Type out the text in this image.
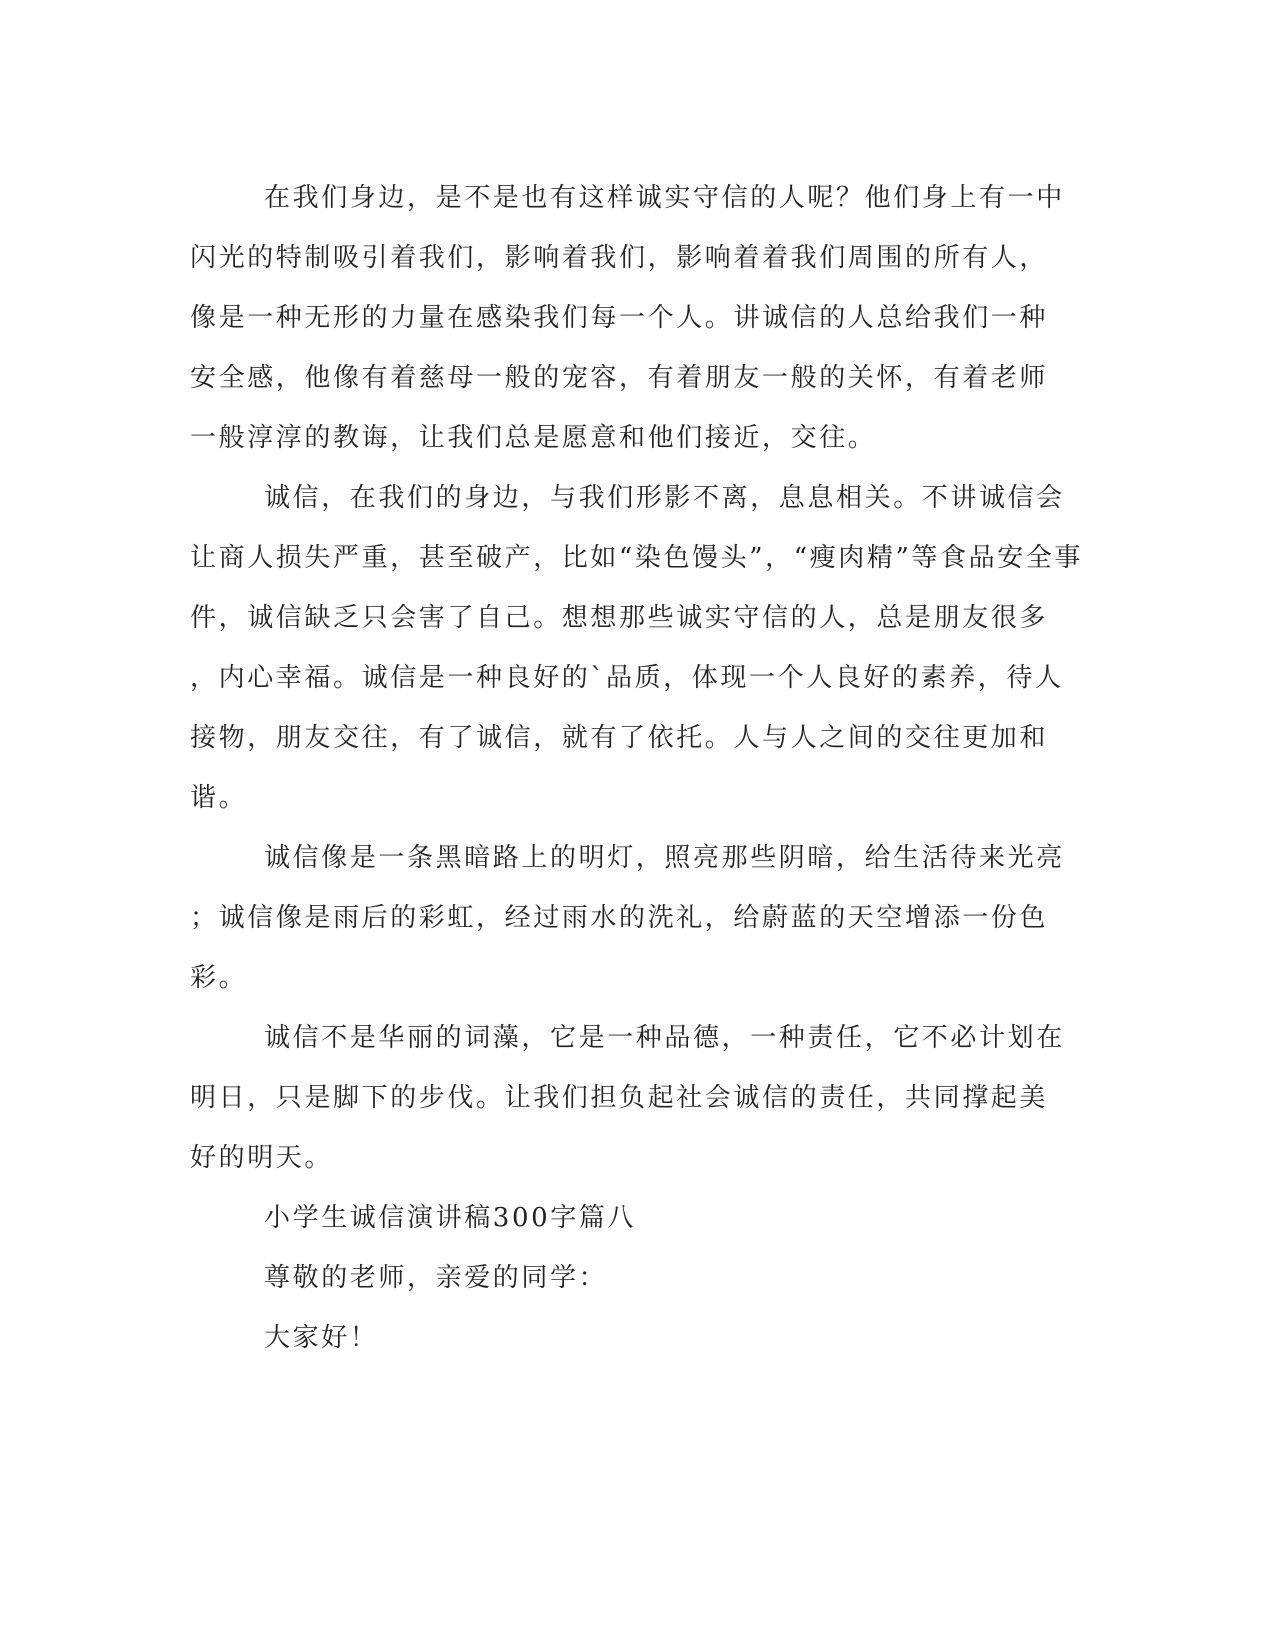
在我们身边，是不是也有这样诚实守信的人呢？他们身上有一中
闪光的特制吸引着我们，影响着我们，影响着着我们周围的所有人，
像是一种无形的力量在感染我们每一个人。讲诚信的人总给我们一种
安全感，他像有着慈母一般的宠容，有着朋友一般的关怀，有着老师
一般淳淳的教诲，让我们总是愿意和他们接近，交往。
诚信，在我们的身边，与我们形影不离，息息相关。不讲诚信会
让商人损失严重，甚至破产，比如“染色馒头”，“瘦肉精”等食品安全事
件，诚信缺乏只会害了自己。想想那些诚实守信的人，总是朋友很多
，内心幸福。诚信是一种良好的`品质，体现一个人良好的素养，待人
接物，朋友交往，有了诚信，就有了依托。人与人之间的交往更加和
谐。
诚信像是一条黑暗路上的明灯，照亮那些阴暗，给生活待来光亮
；诚信像是雨后的彩虹，经过雨水的洗礼，给蔚蓝的天空增添一份色
彩。
诚信不是华丽的词藻，它是一种品德，一种责任，它不必计划在
明日，只是脚下的步伐。让我们担负起社会诚信的责任，共同撑起美
好的明天。
小学生诚信演讲稿300字篇八
尊敬的老师，亲爱的同学：
大家好！
